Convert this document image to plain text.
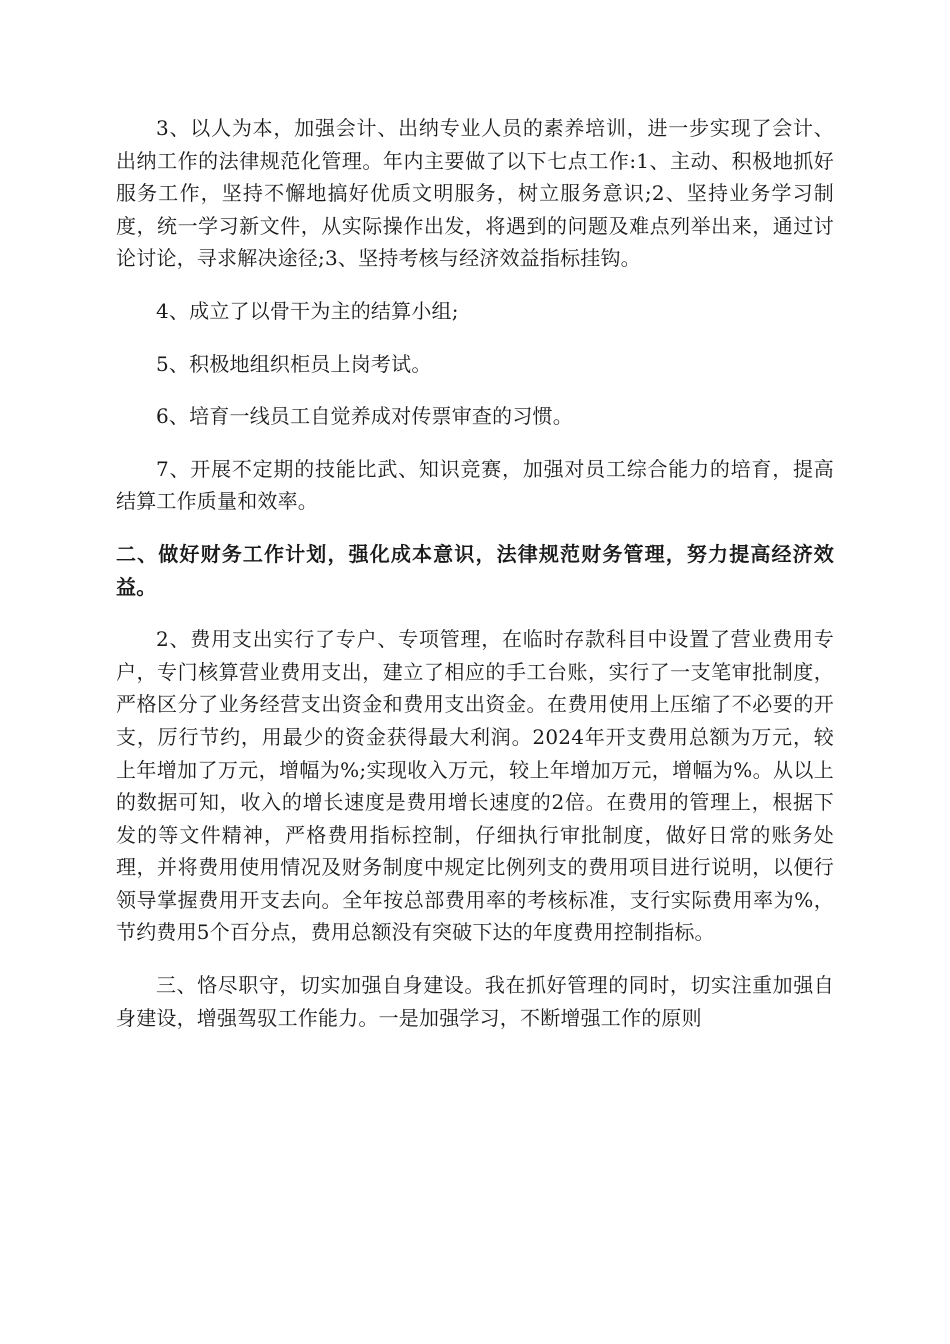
3、以人为本，加强会计、出纳专业人员的素养培训，进一步实现了会计、出纳工作的法律规范化管理。年内主要做了以下七点工作:1、主动、积极地抓好服务工作，坚持不懈地搞好优质文明服务，树立服务意识;2、坚持业务学习制度，统一学习新文件，从实际操作出发，将遇到的问题及难点列举出来，通过讨论讨论，寻求解决途径;3、坚持考核与经济效益指标挂钩。

4、成立了以骨干为主的结算小组;

5、积极地组织柜员上岗考试。

6、培育一线员工自觉养成对传票审查的习惯。

7、开展不定期的技能比武、知识竞赛，加强对员工综合能力的培育，提高结算工作质量和效率。

二、做好财务工作计划，强化成本意识，法律规范财务管理，努力提高经济效益。

2、费用支出实行了专户、专项管理，在临时存款科目中设置了营业费用专户，专门核算营业费用支出，建立了相应的手工台账，实行了一支笔审批制度，严格区分了业务经营支出资金和费用支出资金。在费用使用上压缩了不必要的开支，厉行节约，用最少的资金获得最大利润。2024年开支费用总额为万元，较上年增加了万元，增幅为%;实现收入万元，较上年增加万元，增幅为%。从以上的数据可知，收入的增长速度是费用增长速度的2倍。在费用的管理上，根据下发的等文件精神，严格费用指标控制，仔细执行审批制度，做好日常的账务处理，并将费用使用情况及财务制度中规定比例列支的费用项目进行说明，以便行领导掌握费用开支去向。全年按总部费用率的考核标准，支行实际费用率为%，节约费用5个百分点，费用总额没有突破下达的年度费用控制指标。

三、恪尽职守，切实加强自身建设。我在抓好管理的同时，切实注重加强自身建设，增强驾驭工作能力。一是加强学习，不断增强工作的原则
